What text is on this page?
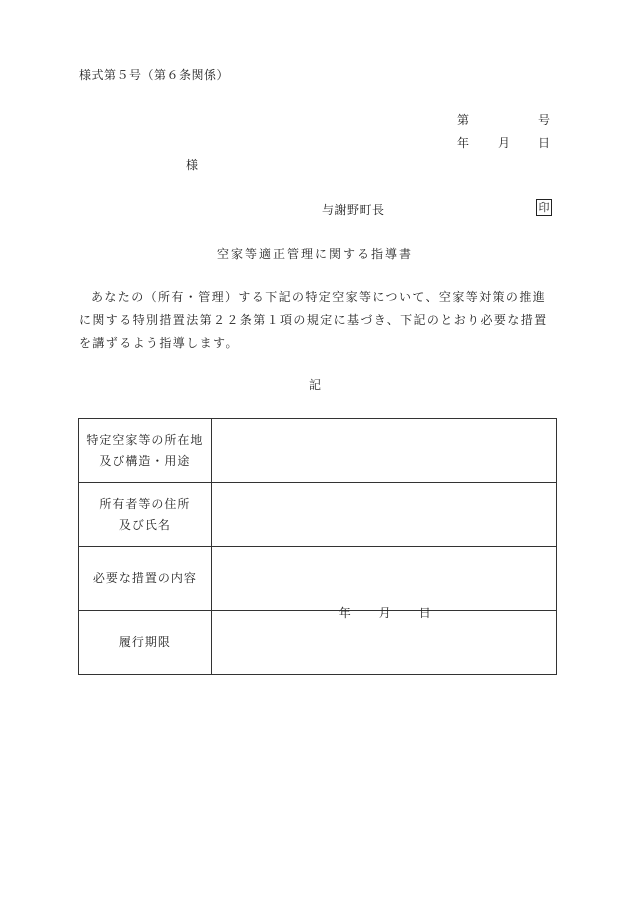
様式第５号（第６条関係）
第	号
年 月 日
様
与謝野町長	印
空家等適正管理に関する指導書
あなたの（所有・管理）する下記の特定空家等について、空家等対策の推進
に関する特別措置法第２２条第１項の規定に基づき、下記のとおり必要な措置
を講ずるよう指導します。
記
特定空家等の所在地
及び構造・用途	

所有者等の住所
及び氏名	

必要な措置の内容	

履行期限	年 月 日
